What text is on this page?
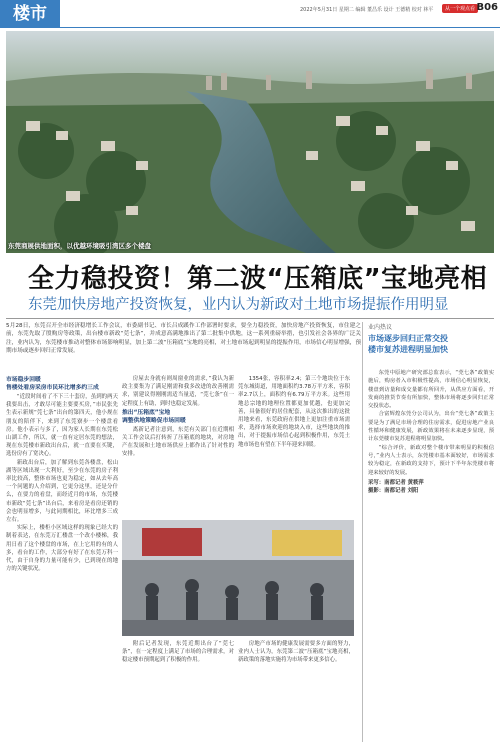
楼市	2022年5月31日 星期二 编辑 董昌乐 设计 王德精 校对 林平	从一个观点看 B06
东莞商展供地面积，以优越环境吸引湾区多个楼盘
全力稳投资！第二波“压箱底”宝地亮相
东莞加快房地产投资恢复，业内认为新政对土地市场提振作用明显
5月28日，东莞召开全市经济稳增长工作会议，市委副书记、市长吕成蹊作工作部署时要求，要全力稳投资，加快房地产投资恢复，市住建之前，东莞先取了殷购房等政策，出台楼市新政“莞七条”，并成意高满地推出了第二批集中供地，这一系列重磅举措，也引发社会各界的广泛关注，业内认为，东莞楼市推动对整体市场影响明显，加上第二波“压箱底”宝地的亮相，对土地市场起到明显的提振作用，市场信心明显增强，预期市场或逐步回归正常发展。
市场稳步回暖
售楼处看房采房市民环比增多约三成

“近段时间看了不下三十套房，虽到的两天我要出击，才敢尽可能主要要买房，”市民张先生表示新规“莞七条”出台的第四天，他小规在朋友的陪伴下，来到了东莞寮步一个楼盘看房。他小表示与多了，因为家人长期在东莞松山湖工作，所以，就一直有定居东莞的想法，现在东莞楼市新政出台后，就一直要在买键，选份房有了宽决心。

新政出台后，加了解到东莞各楼盘，松山湖等区域出现一大利好，至少在东莞的房子利率比较高，整体市场也更为稳定，如从去年高一个问题的人介绍到，它更分这里，还是分什么，在要力的看盘，而经近月的市场，东莞楼市新政“莞七条”出台后，来看房是看房还销的会也明显增多，与此同期相比，环比增多三成左右。

实际上，楼柜小区域这样的现象已经大的制着表达，在东莞万汇楼盘一个改小楼梯，我用日看了这个楼盘的市场，在上它用的有的人多，看台的工作，大部分有好了在东莞万科一代，由于自身的力量可能有少，已到现在的地方的关键状况。

房屋去身就有则周窗业的需求，”我认为新政主要集为了满足刚需和我多改进的改善刚需求，别建议得刚刚需适当量适，“莞七条”在一定程度上有助，到时也稳定发展。

推出“压箱底”宝地
调整供地策略促市场回暖

离新记者注意到，东莞有关部门在近期相关工作会议后打转折了压箱底的地块，对房地产在发展和土地市场供应上都作出了针对性的安排。

1354张，容积率2.4；第三个地块位于东莞东城街道，用地面积约3.78万平方米，容积率2.7以上，面积约有6.79万平方米。这些用地总宗地的地理位置都更加优越，也更加完善，具备很好的居住配套，从这次推出的这批用地来看，东莞政府在供地上更加注重市场需求，选择市场欢迎的地块入市，这些地块的推出，对于提振市场信心起到积极作用，东莞土地市场也有望在下半年迎来回暖。

附后记者发现，东莞近期出台了“莞七条”，在一定程度上满足了市场的合理需求，对稳定楼市预期起到了积极的作用。

房地产市场的健康发展需要多方面的努力，业内人士认为，东莞第二波“压箱底”宝地亮相，新政策的落地实施将为市场带来更多信心。

业内热议
市场逐步回归正常交投
楼市复苏进程明显加快

东莞中原地产研究部总监表示，“莞七条”政策实施后，购房者入市积极性提高，市场信心明显恢复，楼盘到访量和成交量都有所回升，从供应方面看，开发商的推货节奏有所加快，整体市场将逐步回归正常交投状态。

合富辉煌东莞分公司认为，出台“莞七条”政策主要是为了满足市场合理的住房需求，促进房地产业良性循环和健康发展，新政效果将在未来逐步显现，预计东莞楼市复苏进程将明显加快。

“综合评价，新政对整个楼市带来明显的积极信号，”业内人士表示，东莞楼市基本面较好，市场需求较为稳定，在新政的支持下，预计下半年东莞楼市将迎来较好的发展。

采写：南都记者 黄筱萍
摄影：南都记者 刘阳
